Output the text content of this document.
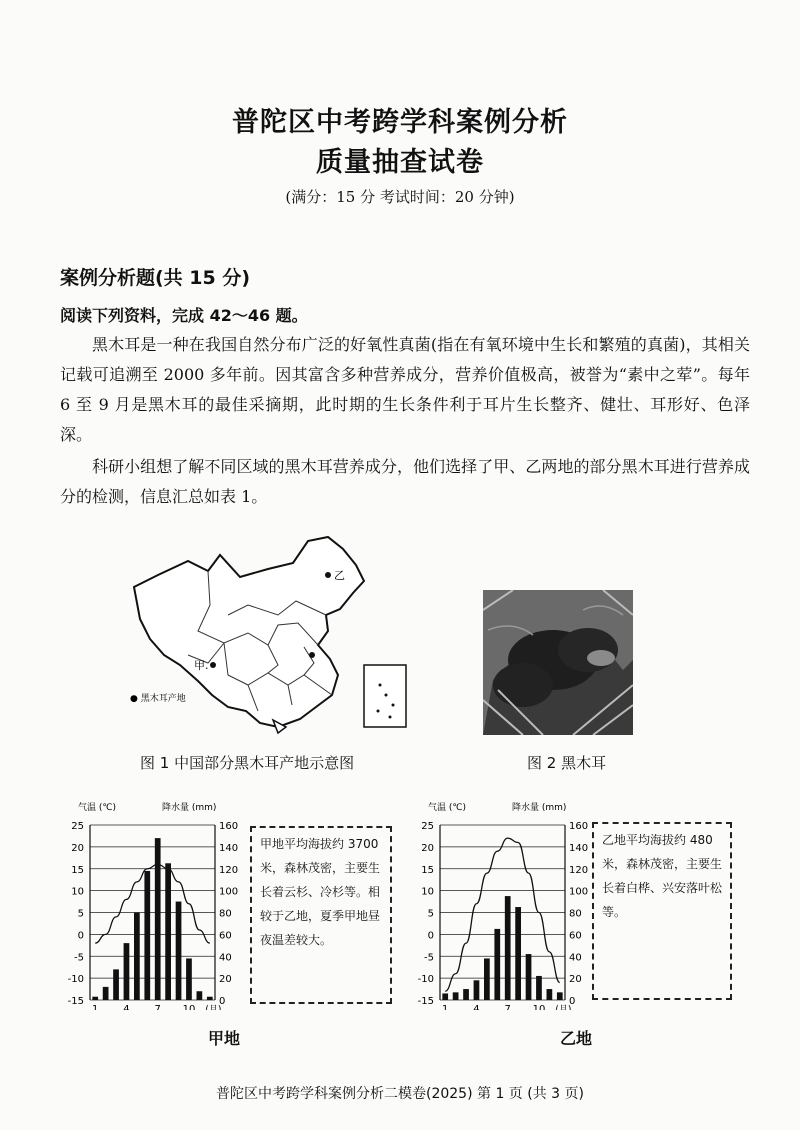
普陀区中考跨学科案例分析
质量抽查试卷
(满分：15 分 考试时间：20 分钟)
案例分析题(共 15 分)
阅读下列资料，完成 42～46 题。
黑木耳是一种在我国自然分布广泛的好氧性真菌(指在有氧环境中生长和繁殖的真菌)，其相关记载可追溯至 2000 多年前。因其富含多种营养成分，营养价值极高，被誉为“素中之荤”。每年 6 至 9 月是黑木耳的最佳采摘期，此时期的生长条件利于耳片生长整齐、健壮、耳形好、色泽深。
科研小组想了解不同区域的黑木耳营养成分，他们选择了甲、乙两地的部分黑木耳进行营养成分的检测，信息汇总如表 1。
甲.
乙
● 黑木耳产地
图 1 中国部分黑木耳产地示意图	图 2 黑木耳
气温 (℃)	降水量 (mm)
25
20
15
10
5
0
-5
-10
-15
160
140
120
100
80
60
40
20
0
1 4 7 10 (月)
甲地平均海拔约 3700 米，森林茂密，主要生长着云杉、冷杉等。相较于乙地，夏季甲地昼夜温差较大。
甲地
气温 (℃)	降水量 (mm)
25
20
15
10
5
0
-5
-10
-15
160
140
120
100
80
60
40
20
0
1 4 7 10 (月)
乙地平均海拔约 480 米，森林茂密，主要生长着白桦、兴安落叶松等。
乙地
普陀区中考跨学科案例分析二模卷(2025) 第 1 页 (共 3 页)
